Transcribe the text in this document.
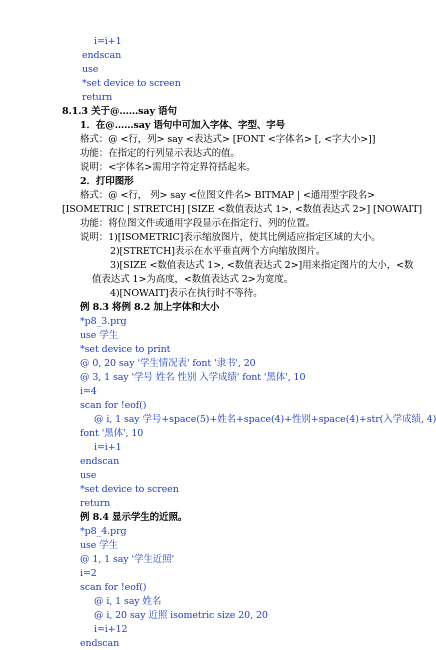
i=i+1
endscan
use
*set device to screen
return
8.1.3 关于@……say 语句
1．在@……say 语句中可加入字体、字型、字号
格式：@ <行，列> say <表达式> [FONT <字体名> [, <字大小>]]
功能：在指定的行列显示表达式的值。
说明：<字体名>需用字符定界符括起来。
2．打印图形
格式：@ <行， 列> say <位图文件名> BITMAP | <通用型字段名>
[ISOMETRIC | STRETCH] [SIZE <数值表达式 1>, <数值表达式 2>] [NOWAIT]
功能：将位图文件或通用字段显示在指定行、列的位置。
说明：1)[ISOMETRIC]表示缩放图片，使其比例适应指定区域的大小。
2)[STRETCH]表示在水平垂直两个方向缩放图片。
3)[SIZE <数值表达式 1>, <数值表达式 2>]用来指定图片的大小，<数
值表达式 1>为高度，<数值表达式 2>为宽度。
4)[NOWAIT]表示在执行时不等待。
例 8.3 将例 8.2 加上字体和大小
*p8_3.prg
use 学生
*set device to print
@ 0, 20 say '学生情况表' font '隶书', 20
@ 3, 1 say '学号 姓名 性别 入学成绩' font '黑体', 10
i=4
scan for !eof()
@ i, 1 say 学号+space(5)+姓名+space(4)+性别+space(4)+str(入学成绩, 4)
font '黑体', 10
i=i+1
endscan
use
*set device to screen
return
例 8.4 显示学生的近照。
*p8_4.prg
use 学生
@ 1, 1 say '学生近照'
i=2
scan for !eof()
@ i, 1 say 姓名
@ i, 20 say 近照 isometric size 20, 20
i=i+12
endscan
